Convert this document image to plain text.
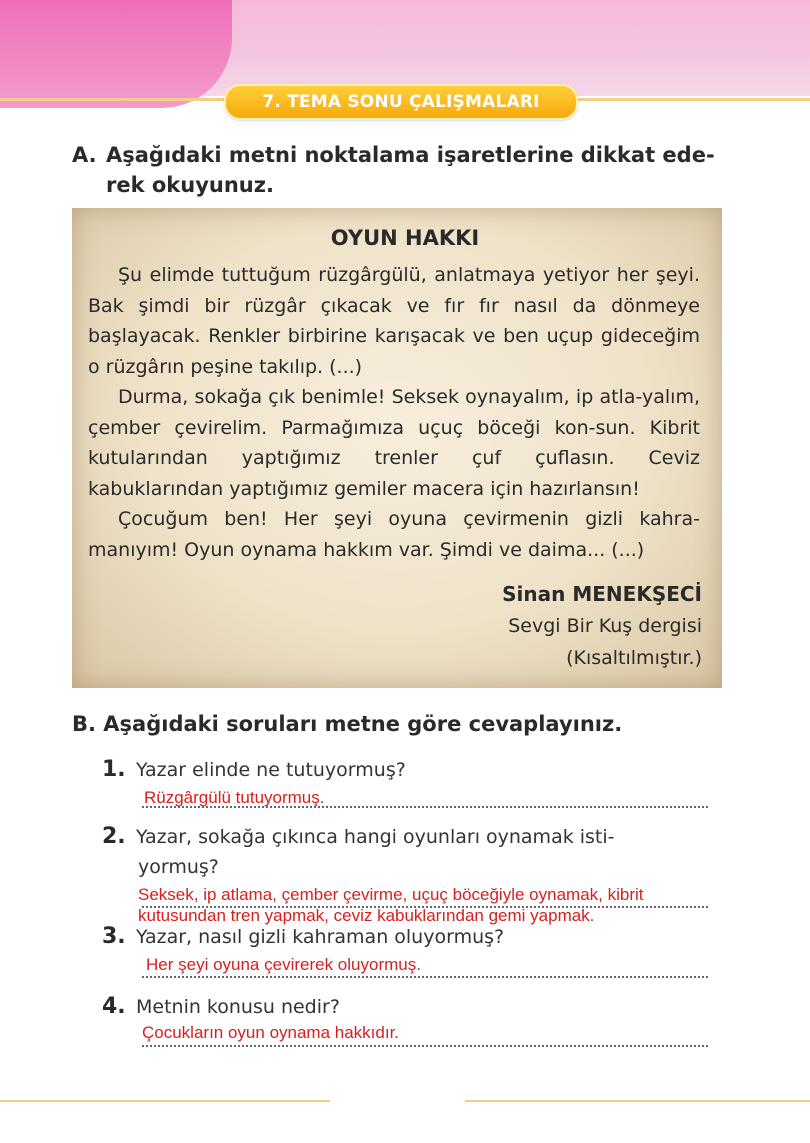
7. TEMA SONU ÇALIŞMALARI
A. Aşağıdaki metni noktalama işaretlerine dikkat ede-
rek okuyunuz.
OYUN HAKKI

Şu elimde tuttuğum rüzgârgülü, anlatmaya yetiyor her şeyi. Bak şimdi bir rüzgâr çıkacak ve fır fır nasıl da dönmeye başlayacak. Renkler birbirine karışacak ve ben uçup gideceğim o rüzgârın peşine takılıp. (...)

Durma, sokağa çık benimle! Seksek oynayalım, ip atla-yalım, çember çevirelim. Parmağımıza uçuç böceği kon-sun. Kibrit kutularından yaptığımız trenler çuf çuflasın. Ceviz kabuklarından yaptığımız gemiler macera için hazırlansın!

Çocuğum ben! Her şeyi oyuna çevirmenin gizli kahra-manıyım! Oyun oynama hakkım var. Şimdi ve daima... (...)

Sinan MENEKŞECİ
Sevgi Bir Kuş dergisi
(Kısaltılmıştır.)
B. Aşağıdaki soruları metne göre cevaplayınız.
1. Yazar elinde ne tutuyormuş?
Rüzgârgülü tutuyormuş.
2. Yazar, sokağa çıkınca hangi oyunları oynamak isti-
yormuş?
Seksek, ip atlama, çember çevirme, uçuç böceğiyle oynamak, kibrit
kutusundan tren yapmak, ceviz kabuklarından gemi yapmak.
3. Yazar, nasıl gizli kahraman oluyormuş?
Her şeyi oyuna çevirerek oluyormuş.
4. Metnin konusu nedir?
Çocukların oyun oynama hakkıdır.
